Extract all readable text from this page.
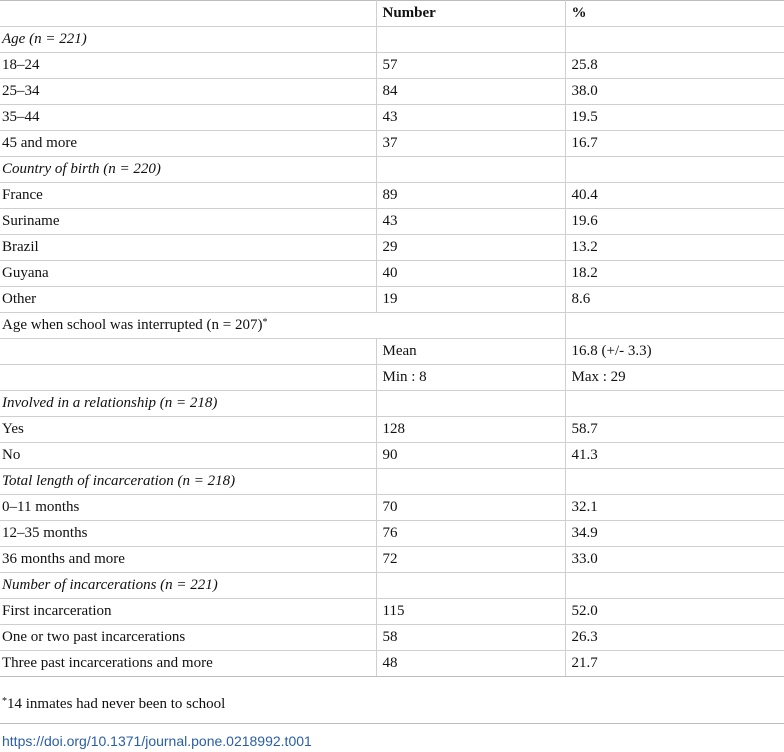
	Number	%
Age (n = 221)		
18–24	57	25.8
25–34	84	38.0
35–44	43	19.5
45 and more	37	16.7
Country of birth (n = 220)		
France	89	40.4
Suriname	43	19.6
Brazil	29	13.2
Guyana	40	18.2
Other	19	8.6
Age when school was interrupted (n = 207)*	
	Mean	16.8 (+/- 3.3)
	Min : 8	Max : 29
Involved in a relationship (n = 218)		
Yes	128	58.7
No	90	41.3
Total length of incarceration (n = 218)		
0–11 months	70	32.1
12–35 months	76	34.9
36 months and more	72	33.0
Number of incarcerations (n = 221)		
First incarceration	115	52.0
One or two past incarcerations	58	26.3
Three past incarcerations and more	48	21.7
*14 inmates had never been to school
https://doi.org/10.1371/journal.pone.0218992.t001
